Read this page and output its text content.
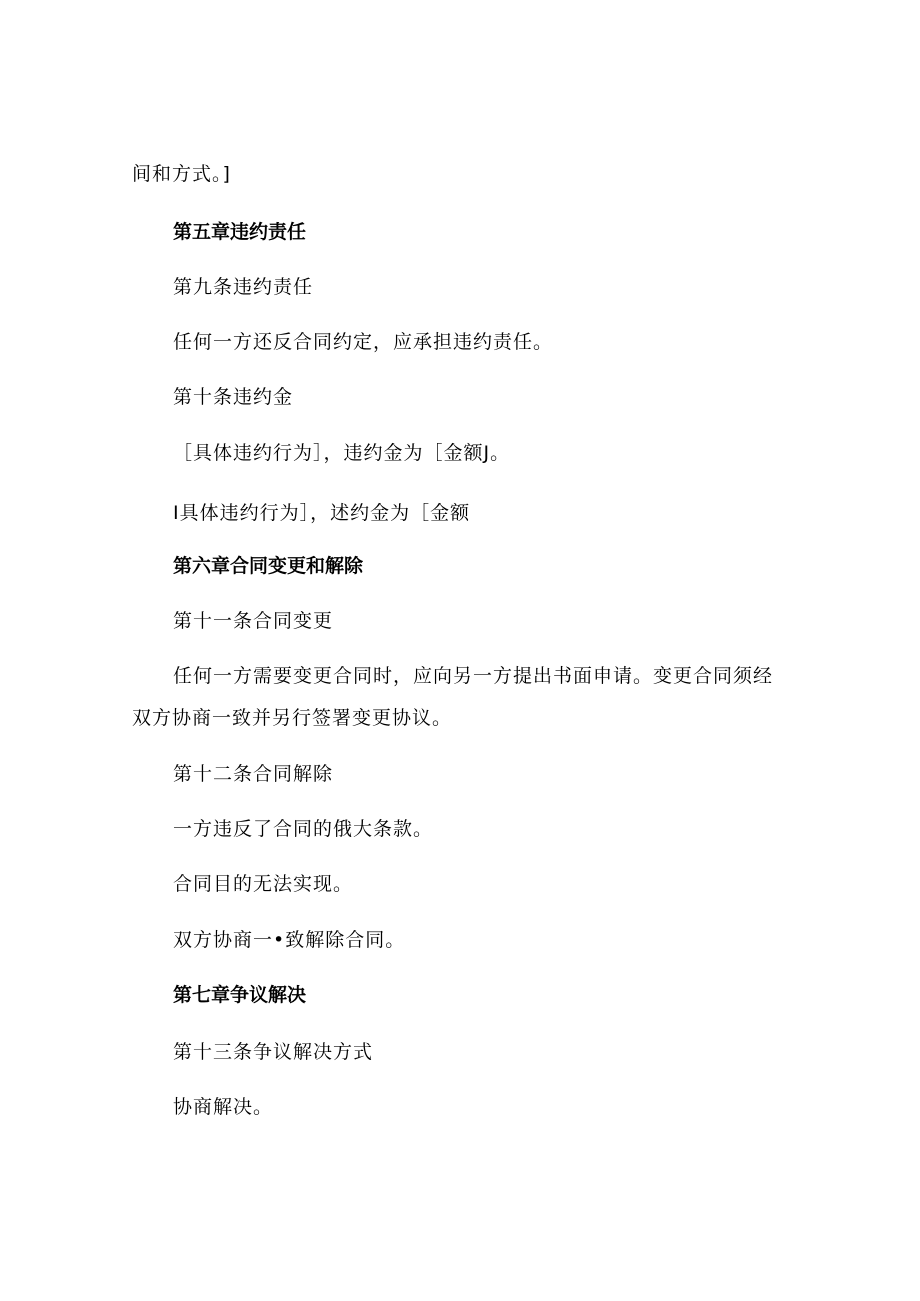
间和方式。]
第五章违约责任
第九条违约责任
任何一方还反合同约定，应承担违约责任。
第十条违约金
［具体违约行为］，违约金为［金额J。
I具体违约行为］，述约金为［金额
第六章合同变更和解除
第十一条合同变更
任何一方需要变更合同时，应向另一方提出书面申请。变更合同须经
双方协商一致并另行签署变更协议。
第十二条合同解除
一方违反了合同的俄大条款。
合同目的无法实现。
双方协商一•致解除合同。
第七章争议解决
第十三条争议解决方式
协商解决。
